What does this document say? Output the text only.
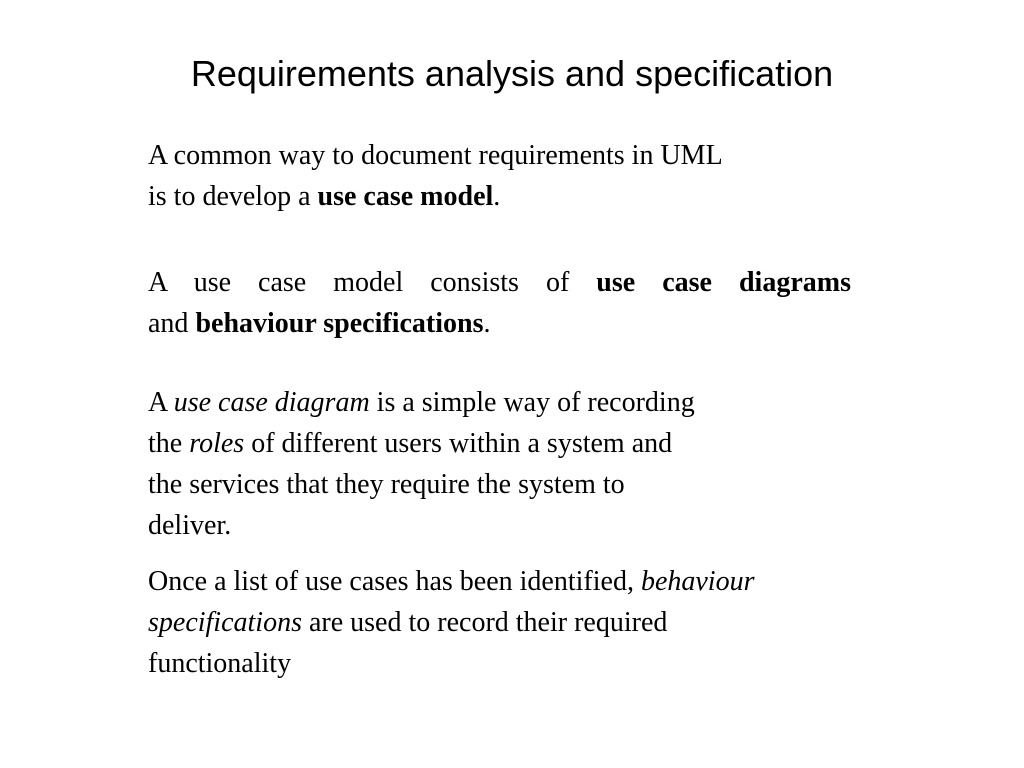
Requirements analysis and specification
A common way to document requirements in UML
is to develop a use case model.
A use case model consists of use case diagrams
and behaviour specifications.
A use case diagram is a simple way of recording
the roles of different users within a system and
the services that they require the system to
deliver.
Once a list of use cases has been identified, behaviour
specifications are used to record their required
functionality
